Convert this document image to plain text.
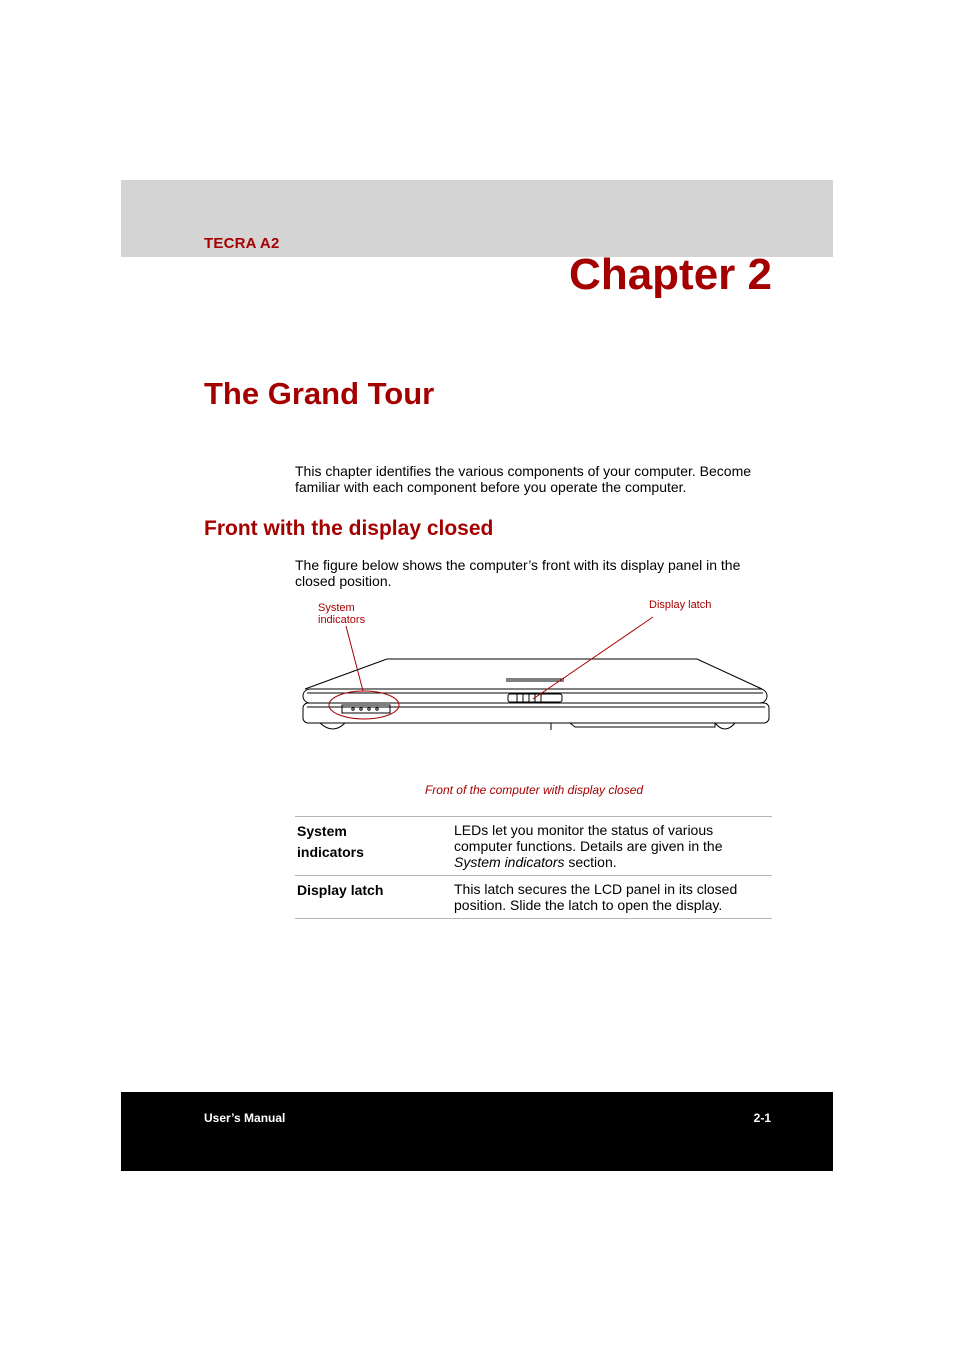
TECRA A2
Chapter 2
The Grand Tour
This chapter identifies the various components of your computer. Become familiar with each component before you operate the computer.
Front with the display closed
The figure below shows the computer’s front with its display panel in the closed position.
System
indicators
Display latch
Front of the computer with display closed
System
indicators
LEDs let you monitor the status of various
computer functions. Details are given in the
System indicators section.
Display latch	This latch secures the LCD panel in its closed
position. Slide the latch to open the display.
User’s Manual	2-1
